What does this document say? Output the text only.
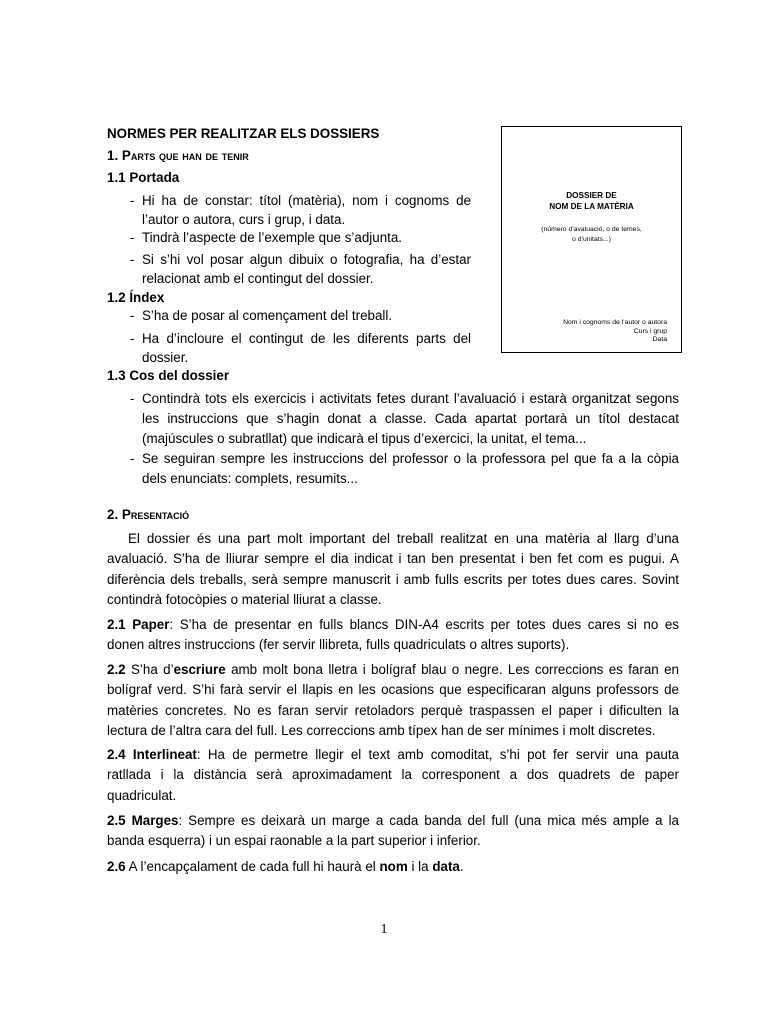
NORMES PER REALITZAR ELS DOSSIERS
1. Parts que han de tenir
1.1 Portada
- Hi ha de constar: títol (matèria), nom i cognoms de
l’autor o autora, curs i grup, i data.
- Tindrà l’aspecte de l’exemple que s’adjunta.
- Si s’hi vol posar algun dibuix o fotografia, ha d’estar
relacionat amb el contingut del dossier.
1.2 Índex
- S’ha de posar al començament del treball.
- Ha d’incloure el contingut de les diferents parts del
dossier.
1.3 Cos del dossier
- Contindrà tots els exercicis i activitats fetes durant l’avaluació i estarà organitzat segons
les instruccions que s’hagin donat a classe. Cada apartat portarà un títol destacat
(majúscules o subratllat) que indicarà el tipus d’exercici, la unitat, el tema...
- Se seguiran sempre les instruccions del professor o la professora pel que fa a la còpia
dels enunciats: complets, resumits...
DOSSIER DE
NOM DE LA MATÈRIA
(número d’avaluació, o de temes,
o d’unitats...)
Nom i cognoms de l’autor o autora
Curs i grup
Data
2. Presentació
El dossier és una part molt important del treball realitzat en una matèria al llarg d’una
avaluació. S’ha de lliurar sempre el dia indicat i tan ben presentat i ben fet com es pugui. A
diferència dels treballs, serà sempre manuscrit i amb fulls escrits per totes dues cares. Sovint
contindrà fotocòpies o material lliurat a classe.
2.1 Paper: S’ha de presentar en fulls blancs DIN-A4 escrits per totes dues cares si no es
donen altres instruccions (fer servir llibreta, fulls quadriculats o altres suports).
2.2 S’ha d’escriure amb molt bona lletra i bolígraf blau o negre. Les correccions es faran en
bolígraf verd. S’hi farà servir el llapis en les ocasions que especificaran alguns professors de
matèries concretes. No es faran servir retoladors perquè traspassen el paper i dificulten la
lectura de l’altra cara del full. Les correccions amb típex han de ser mínimes i molt discretes.
2.4 Interlineat: Ha de permetre llegir el text amb comoditat, s’hi pot fer servir una pauta
ratllada i la distància serà aproximadament la corresponent a dos quadrets de paper
quadriculat.
2.5 Marges: Sempre es deixarà un marge a cada banda del full (una mica més ample a la
banda esquerra) i un espai raonable a la part superior i inferior.
2.6 A l’encapçalament de cada full hi haurà el nom i la data.
1
